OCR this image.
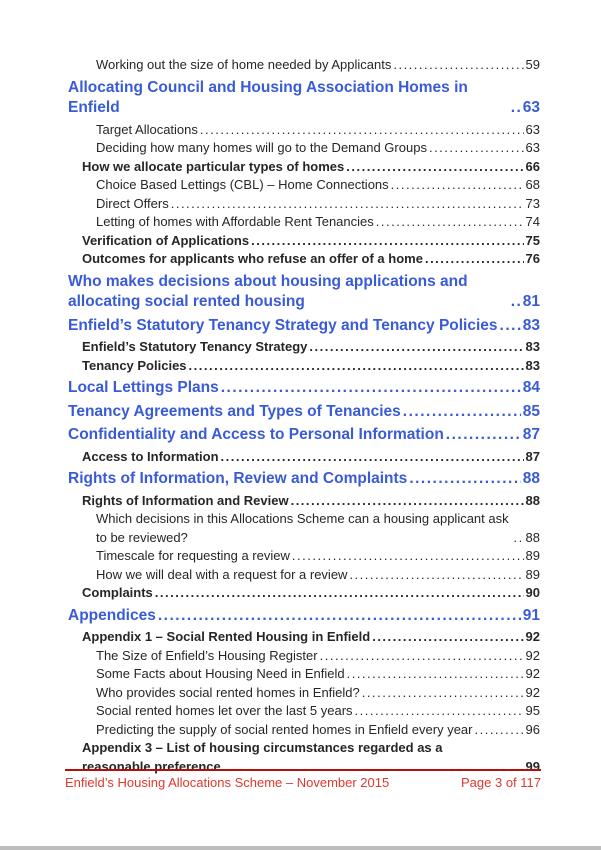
Working out the size of home needed by Applicants .....	59
Allocating Council and Housing Association Homes in Enfield .....	63
Target Allocations .....	63
Deciding how many homes will go to the Demand Groups .....	63
How we allocate particular types of homes .....	66
Choice Based Lettings (CBL) – Home Connections .....	68
Direct Offers .....	73
Letting of homes with Affordable Rent Tenancies .....	74
Verification of Applications .....	75
Outcomes for applicants who refuse an offer of a home .....	76
Who makes decisions about housing applications and allocating social rented housing .....	81
Enfield’s Statutory Tenancy Strategy and Tenancy Policies ..... 83
Enfield’s Statutory Tenancy Strategy .....	83
Tenancy Policies .....	83
Local Lettings Plans .....	84
Tenancy Agreements and Types of Tenancies .....	85
Confidentiality and Access to Personal Information .....	87
Access to Information .....	87
Rights of Information, Review and Complaints .....	88
Rights of Information and Review .....	88
Which decisions in this Allocations Scheme can a housing applicant ask to be reviewed? .....	88
Timescale for requesting a review .....	89
How we will deal with a request for a review .....	89
Complaints .....	90
Appendices .....	91
Appendix 1 – Social Rented Housing in Enfield .....	92
The Size of Enfield’s Housing Register .....	92
Some Facts about Housing Need in Enfield .....	92
Who provides social rented homes in Enfield? .....	92
Social rented homes let over the last 5 years .....	95
Predicting the supply of social rented homes in Enfield every year .....	96
Appendix 3 – List of housing circumstances regarded as a reasonable preference .....	99
Enfield’s Housing Allocations Scheme – November 2015	Page 3 of 117
